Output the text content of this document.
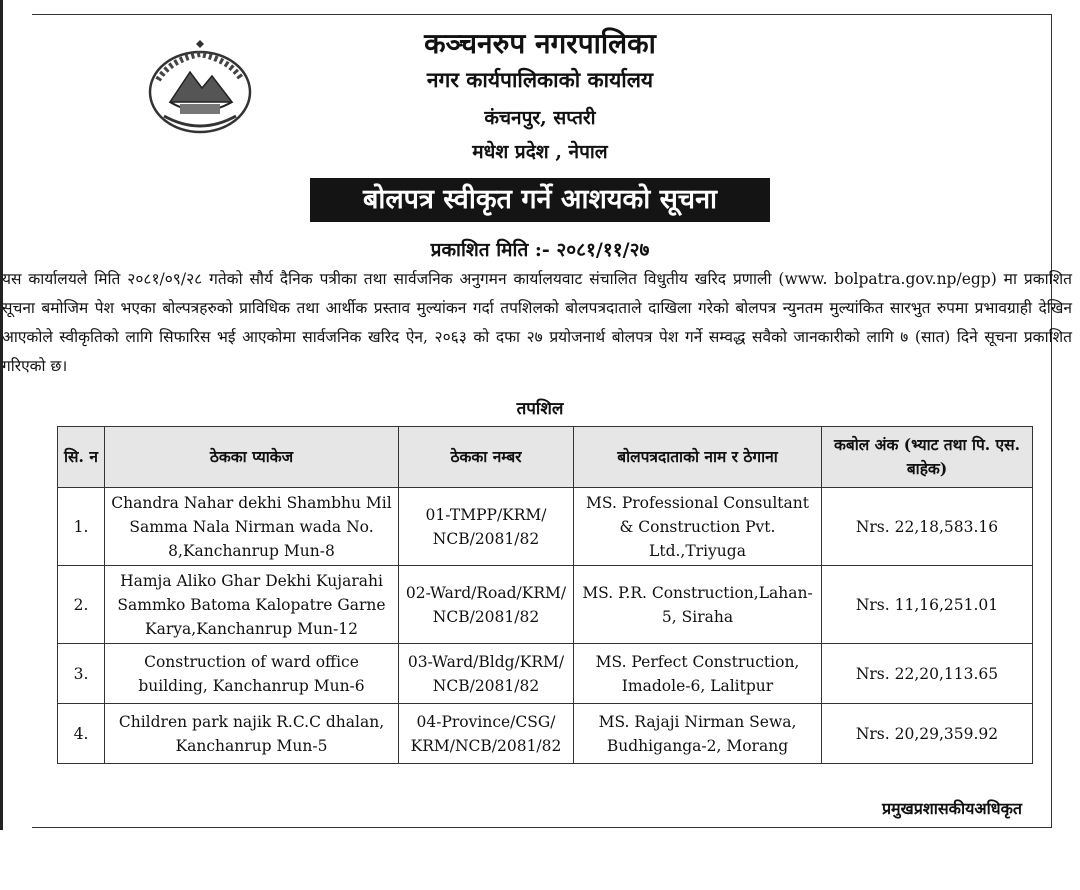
कञ्चनरुप नगरपालिका
नगर कार्यपालिकाको कार्यालय
कंचनपुर, सप्तरी
मधेश प्रदेश , नेपाल
बोलपत्र स्वीकृत गर्ने आशयको सूचना
प्रकाशित मिति :- २०८१/११/२७

यस कार्यालयले मिति २०८१/०९/२८ गतेको सौर्य दैनिक पत्रीका तथा सार्वजनिक अनुगमन कार्यालयवाट संचालित विधुतीय खरिद प्रणाली (www. bolpatra.gov.np/egp) मा प्रकाशित सूचना बमोजिम पेश भएका बोल्पत्रहरुको प्राविधिक तथा आर्थीक प्रस्ताव मुल्यांकन गर्दा तपशिलको बोलपत्रदाताले दाखिला गरेको बोलपत्र न्युनतम मुल्यांकित सारभुत रुपमा प्रभावग्राही देखिन आएकोले स्वीकृतिको लागि सिफारिस भई आएकोमा सार्वजनिक खरिद ऐन, २०६३ को दफा २७ प्रयोजनार्थ बोलपत्र पेश गर्ने सम्वद्ध सवैको जानकारीको लागि ७ (सात) दिने सूचना प्रकाशित गरिएको छ।

तपशिल
सि. न	ठेकका प्याकेज	ठेकका नम्बर	बोलपत्रदाताको नाम र ठेगाना	कबोल अंक (भ्याट तथा पि. एस. बाहेक)
1.	Chandra Nahar dekhi Shambhu Mil Samma Nala Nirman wada No. 8,Kanchanrup Mun-8	01-TMPP/KRM/ NCB/2081/82	MS. Professional Consultant & Construction Pvt. Ltd.,Triyuga	Nrs. 22,18,583.16
2.	Hamja Aliko Ghar Dekhi Kujarahi Sammko Batoma Kalopatre Garne Karya,Kanchanrup Mun-12	02-Ward/Road/KRM/ NCB/2081/82	MS. P.R. Construction,Lahan-5, Siraha	Nrs. 11,16,251.01
3.	Construction of ward office building, Kanchanrup Mun-6	03-Ward/Bldg/KRM/ NCB/2081/82	MS. Perfect Construction, Imadole-6, Lalitpur	Nrs. 22,20,113.65
4.	Children park najik R.C.C dhalan, Kanchanrup Mun-5	04-Province/CSG/ KRM/NCB/2081/82	MS. Rajaji Nirman Sewa, Budhiganga-2, Morang	Nrs. 20,29,359.92
प्रमुखप्रशासकीयअधिकृत
